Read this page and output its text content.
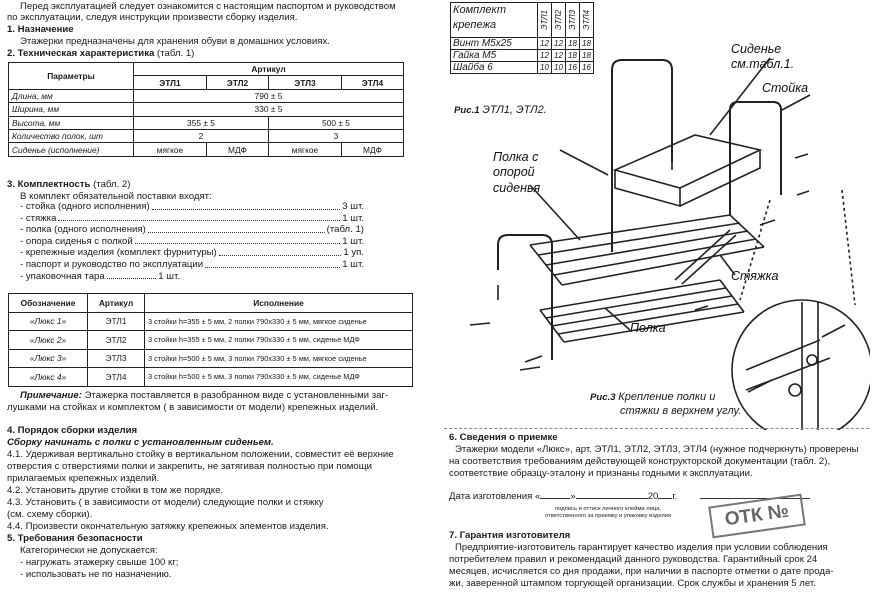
Перед эксплуатацией следует ознакомится с настоящим паспортом и руководством
по эксплуатации, следуя инструкции произвести сборку изделия.
1. Назначение
Этажерки предназначены для хранения обуви в домашних условиях.
2. Техническая характеристика (табл. 1)
Параметры	Артикул			
	ЭТЛ1	ЭТЛ2	ЭТЛ3	ЭТЛ4
Длина, мм	790 ± 5			
Ширина, мм	330 ± 5			
Высота, мм	355 ± 5		500 ± 5	
Количество полок, шт	2		3	
Сиденье (исполнение)	мягкое	МДФ	мягкое	МДФ
3. Комплектность (табл. 2)
В комплект обязательной поставки входят:
- стойка (одного исполнения)	3 шт.
- стяжка	1 шт.
- полка (одного исполнения)	(табл. 1)
- опора сиденья с полкой	1 шт.
- крепежные изделия (комплект фурнитуры)	1 уп.
- паспорт и руководство по эксплуатации	1 шт.
- упаковочная тара	1 шт.
Обозначение	Артикул	Исполнение
«Люкс 1»	ЭТЛ1	3 стойки h=355 ± 5 мм, 2 полки 790x330 ± 5 мм, мягкое сиденье
«Люкс 2»	ЭТЛ2	3 стойки h=355 ± 5 мм, 2 полки 790x330 ± 5 мм, сиденье МДФ
«Люкс 3»	ЭТЛ3	3 стойки h=500 ± 5 мм, 3 полки 790x330 ± 5 мм, мягкое сиденье
«Люкс 4»	ЭТЛ4	3 стойки h=500 ± 5 мм, 3 полки 790x330 ± 5 мм, сиденье МДФ
Примечание: Этажерка поставляется в разобранном виде с установленными заг-
лушками на стойках и комплектом ( в зависимости от модели) крепежных изделий.
4. Порядок сборки изделия
Сборку начинать с полки с установленным сиденьем.
4.1. Удерживая вертикально стойку в вертикальном положении, совместит её верхние
отверстия с отверстиями полки и закрепить, не затягивая полностью при помощи
прилагаемых крепежных изделий.
4.2. Установить другие стойки в том же порядке.
4.3. Установить ( в зависимости от модели) следующие полки и стяжку
(см. схему сборки).
4.4. Произвести окончательную затяжку крепежных элементов изделия.
5. Требования безопасности
Категорически не допускается:
- нагружать этажерку свыше 100 кг;
- использовать не по назначению.
Комплект
крепежа	ЭТЛ1	ЭТЛ2	ЭТЛ3	ЭТЛ4

Винт М5x25	12	12	18	18
Гайка М5	12	12	18	18
Шайба 6	10	10	16	16
Сиденье
см.табл.1.
Стойка
Рис.1 ЭТЛ1, ЭТЛ2.
Полка с
опорой
сиденья
Стяжка
Полка
Рис.3 Крепление полки и
стяжки в верхнем углу.
6. Сведения о приемке
Этажерки модели «Люкс», арт. ЭТЛ1, ЭТЛ2, ЭТЛ3, ЭТЛ4 (нужное подчеркнуть) проверены
на соответствия требованиям действующей конструкторской документации (табл. 2),
соответствие образцу-эталону и признаны годными к эксплуатации.
Дата изготовления «	»	20 г.
подпись и оттиск личного клейма лица,
ответственного за приемку и упаковку изделия	ОТК №
7. Гарантия изготовителя
Предприятие-изготовитель гарантирует качество изделия при условии соблюдения
потребителем правил и рекомендаций данного руководства. Гарантийный срок 24
месяцев, исчисляется со дня продажи, при наличии в паспорте отметки о дате прода-
жи, заверенной штампом торгующей организации. Срок службы и хранения 5 лет.
